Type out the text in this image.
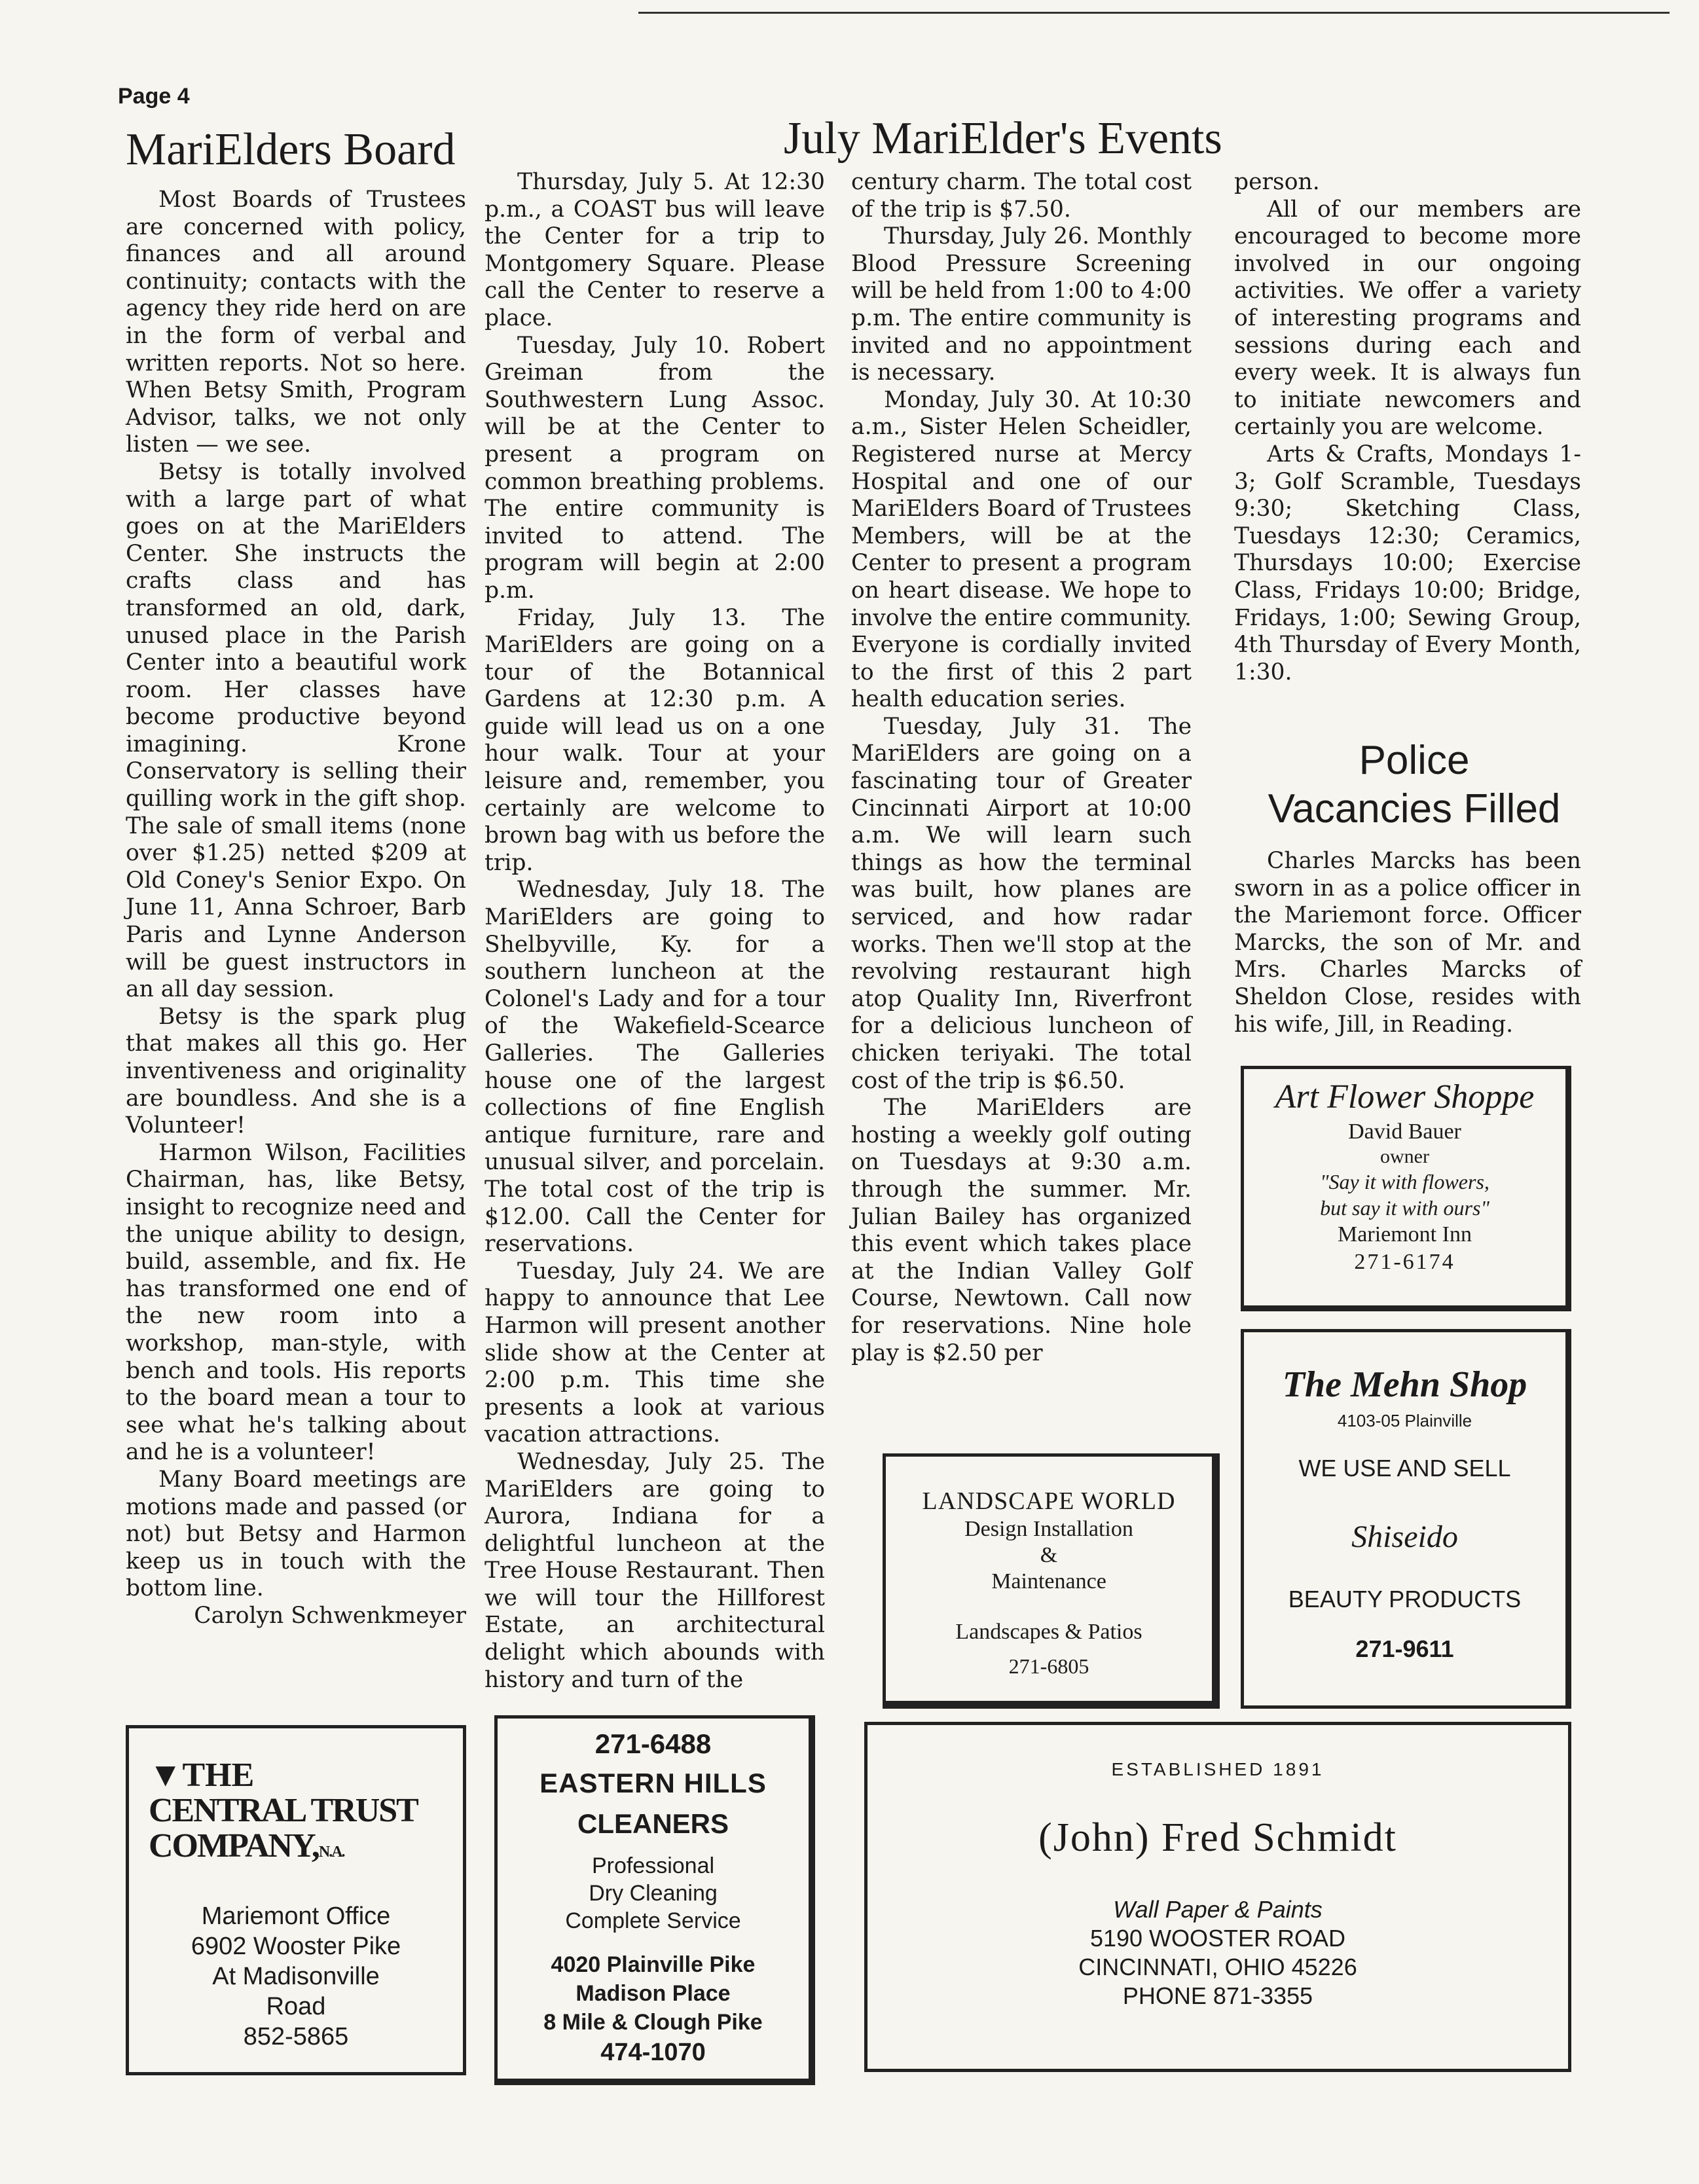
Page 4
MariElders Board

Most Boards of Trustees are concerned with policy, finances and all around continuity; contacts with the agency they ride herd on are in the form of verbal and written reports. Not so here. When Betsy Smith, Program Advisor, talks, we not only listen — we see.

Betsy is totally involved with a large part of what goes on at the MariElders Center. She instructs the crafts class and has transformed an old, dark, unused place in the Parish Center into a beautiful work room. Her classes have become productive beyond imagining. Krone Conservatory is selling their quilling work in the gift shop. The sale of small items (none over $1.25) netted $209 at Old Coney's Senior Expo. On June 11, Anna Schroer, Barb Paris and Lynne Anderson will be guest instructors in an all day session.

Betsy is the spark plug that makes all this go. Her inventiveness and originality are boundless. And she is a Volunteer!

Harmon Wilson, Facilities Chairman, has, like Betsy, insight to recognize need and the unique ability to design, build, assemble, and fix. He has transformed one end of the new room into a workshop, man-style, with bench and tools. His reports to the board mean a tour to see what he's talking about and he is a volunteer!

Many Board meetings are motions made and passed (or not) but Betsy and Harmon keep us in touch with the bottom line.

Carolyn Schwenkmeyer

July MariElder's Events

Thursday, July 5. At 12:30 p.m., a COAST bus will leave the Center for a trip to Montgomery Square. Please call the Center to reserve a place.

Tuesday, July 10. Robert Greiman from the Southwestern Lung Assoc. will be at the Center to present a program on common breathing problems. The entire community is invited to attend. The program will begin at 2:00 p.m.

Friday, July 13. The MariElders are going on a tour of the Botannical Gardens at 12:30 p.m. A guide will lead us on a one hour walk. Tour at your leisure and, remember, you certainly are welcome to brown bag with us before the trip.

Wednesday, July 18. The MariElders are going to Shelbyville, Ky. for a southern luncheon at the Colonel's Lady and for a tour of the Wakefield-Scearce Galleries. The Galleries house one of the largest collections of fine English antique furniture, rare and unusual silver, and porcelain. The total cost of the trip is $12.00. Call the Center for reservations.

Tuesday, July 24. We are happy to announce that Lee Harmon will present another slide show at the Center at 2:00 p.m. This time she presents a look at various vacation attractions.

Wednesday, July 25. The MariElders are going to Aurora, Indiana for a delightful luncheon at the Tree House Restaurant. Then we will tour the Hillforest Estate, an architectural delight which abounds with history and turn of the

century charm. The total cost of the trip is $7.50.

Thursday, July 26. Monthly Blood Pressure Screening will be held from 1:00 to 4:00 p.m. The entire community is invited and no appointment is necessary.

Monday, July 30. At 10:30 a.m., Sister Helen Scheidler, Registered nurse at Mercy Hospital and one of our MariElders Board of Trustees Members, will be at the Center to present a program on heart disease. We hope to involve the entire community. Everyone is cordially invited to the first of this 2 part health education series.

Tuesday, July 31. The MariElders are going on a fascinating tour of Greater Cincinnati Airport at 10:00 a.m. We will learn such things as how the terminal was built, how planes are serviced, and how radar works. Then we'll stop at the revolving restaurant high atop Quality Inn, Riverfront for a delicious luncheon of chicken teriyaki. The total cost of the trip is $6.50.

The MariElders are hosting a weekly golf outing on Tuesdays at 9:30 a.m. through the summer. Mr. Julian Bailey has organized this event which takes place at the Indian Valley Golf Course, Newtown. Call now for reservations. Nine hole play is $2.50 per

person.

All of our members are encouraged to become more involved in our ongoing activities. We offer a variety of interesting programs and sessions during each and every week. It is always fun to initiate newcomers and certainly you are welcome.

Arts & Crafts, Mondays 1-3; Golf Scramble, Tuesdays 9:30; Sketching Class, Tuesdays 12:30; Ceramics, Thursdays 10:00; Exercise Class, Fridays 10:00; Bridge, Fridays, 1:00; Sewing Group, 4th Thursday of Every Month, 1:30.

Police
Vacancies Filled

Charles Marcks has been sworn in as a police officer in the Mariemont force. Officer Marcks, the son of Mr. and Mrs. Charles Marcks of Sheldon Close, resides with his wife, Jill, in Reading.

Art Flower Shoppe
David Bauer
owner
"Say it with flowers,
but say it with ours"
Mariemont Inn
271-6174
The Mehn Shop
4103-05 Plainville
WE USE AND SELL
Shiseido
BEAUTY PRODUCTS
271-9611
LANDSCAPE WORLD
Design Installation
&
Maintenance
Landscapes & Patios
271-6805
▼THE
CENTRAL TRUST
COMPANY,N.A.
Mariemont Office
6902 Wooster Pike
At Madisonville
Road
852-5865
271-6488
EASTERN HILLS
CLEANERS
Professional
Dry Cleaning
Complete Service
4020 Plainville Pike
Madison Place
8 Mile & Clough Pike
474-1070
ESTABLISHED 1891
(John) Fred Schmidt
Wall Paper & Paints
5190 WOOSTER ROAD
CINCINNATI, OHIO 45226
PHONE 871-3355
